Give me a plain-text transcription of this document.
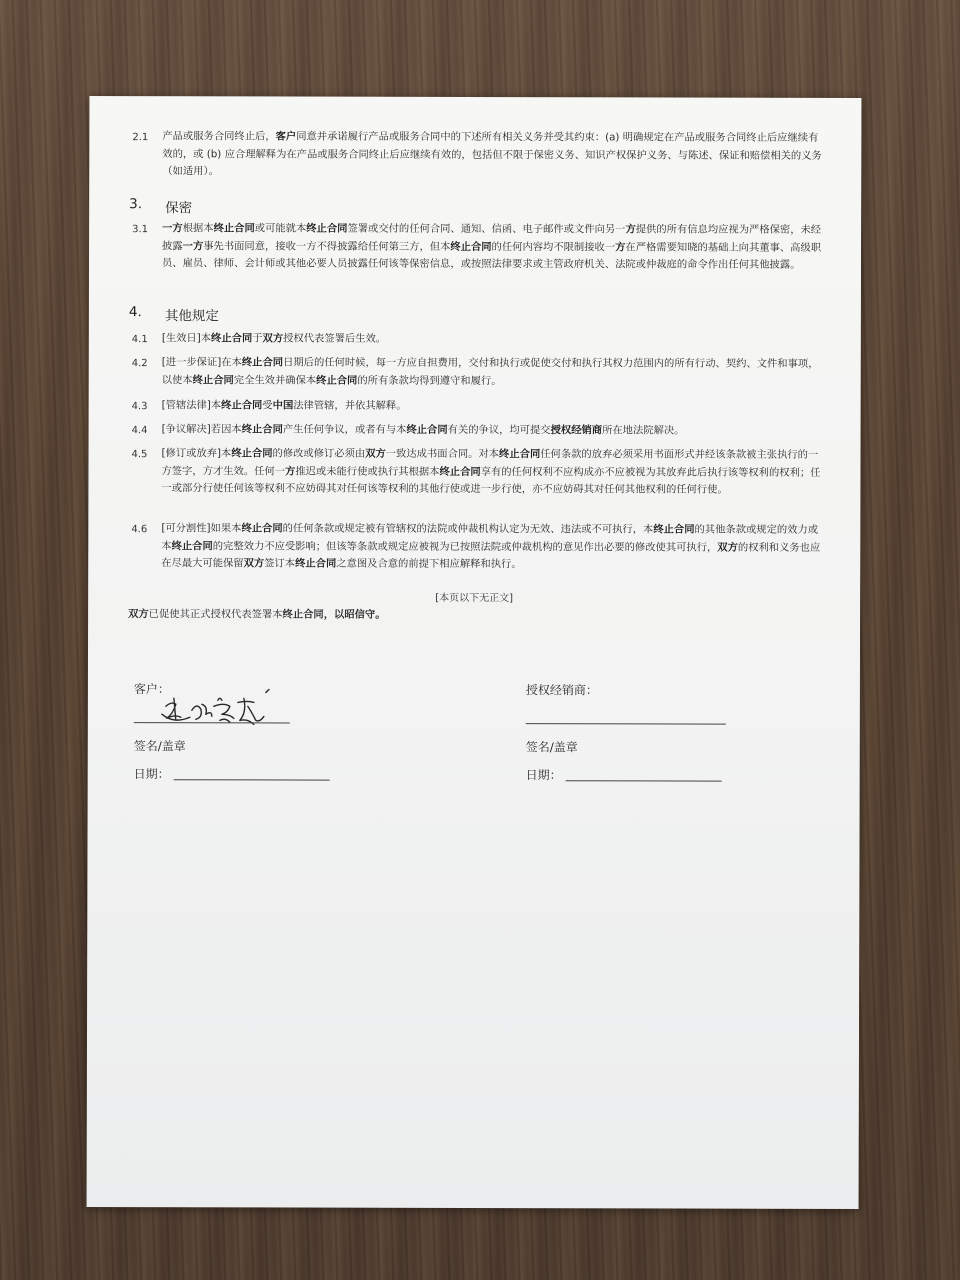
2.1 产品或服务合同终止后，客户同意并承诺履行产品或服务合同中的下述所有相关义务并受其约束：(a) 明确规定在产品或服务合同终止后应继续有效的，或 (b) 应合理解释为在产品或服务合同终止后应继续有效的，包括但不限于保密义务、知识产权保护义务、与陈述、保证和赔偿相关的义务（如适用）。
3. 保密
3.1 一方根据本终止合同或可能就本终止合同签署或交付的任何合同、通知、信函、电子邮件或文件向另一方提供的所有信息均应视为严格保密，未经披露一方事先书面同意，接收一方不得披露给任何第三方，但本终止合同的任何内容均不限制接收一方在严格需要知晓的基础上向其董事、高级职员、雇员、律师、会计师或其他必要人员披露任何该等保密信息，或按照法律要求或主管政府机关、法院或仲裁庭的命令作出任何其他披露。
4. 其他规定
4.1 [生效日]本终止合同于双方授权代表签署后生效。
4.2 [进一步保证]在本终止合同日期后的任何时候，每一方应自担费用，交付和执行或促使交付和执行其权力范围内的所有行动、契约、文件和事项，以使本终止合同完全生效并确保本终止合同的所有条款均得到遵守和履行。
4.3 [管辖法律]本终止合同受中国法律管辖，并依其解释。
4.4 [争议解决]若因本终止合同产生任何争议，或者有与本终止合同有关的争议，均可提交授权经销商所在地法院解决。
4.5 [修订或放弃]本终止合同的修改或修订必须由双方一致达成书面合同。对本终止合同任何条款的放弃必须采用书面形式并经该条款被主张执行的一方签字，方才生效。任何一方推迟或未能行使或执行其根据本终止合同享有的任何权利不应构成亦不应被视为其放弃此后执行该等权利的权利；任一或部分行使任何该等权利不应妨碍其对任何该等权利的其他行使或进一步行使，亦不应妨碍其对任何其他权利的任何行使。
4.6 [可分割性]如果本终止合同的任何条款或规定被有管辖权的法院或仲裁机构认定为无效、违法或不可执行，本终止合同的其他条款或规定的效力或本终止合同的完整效力不应受影响；但该等条款或规定应被视为已按照法院或仲裁机构的意见作出必要的修改使其可执行，双方的权利和义务也应在尽最大可能保留双方签订本终止合同之意图及合意的前提下相应解释和执行。
[本页以下无正文]
双方已促使其正式授权代表签署本终止合同，以昭信守。
客户：
签名/盖章
日期：
授权经销商：
签名/盖章
日期：
